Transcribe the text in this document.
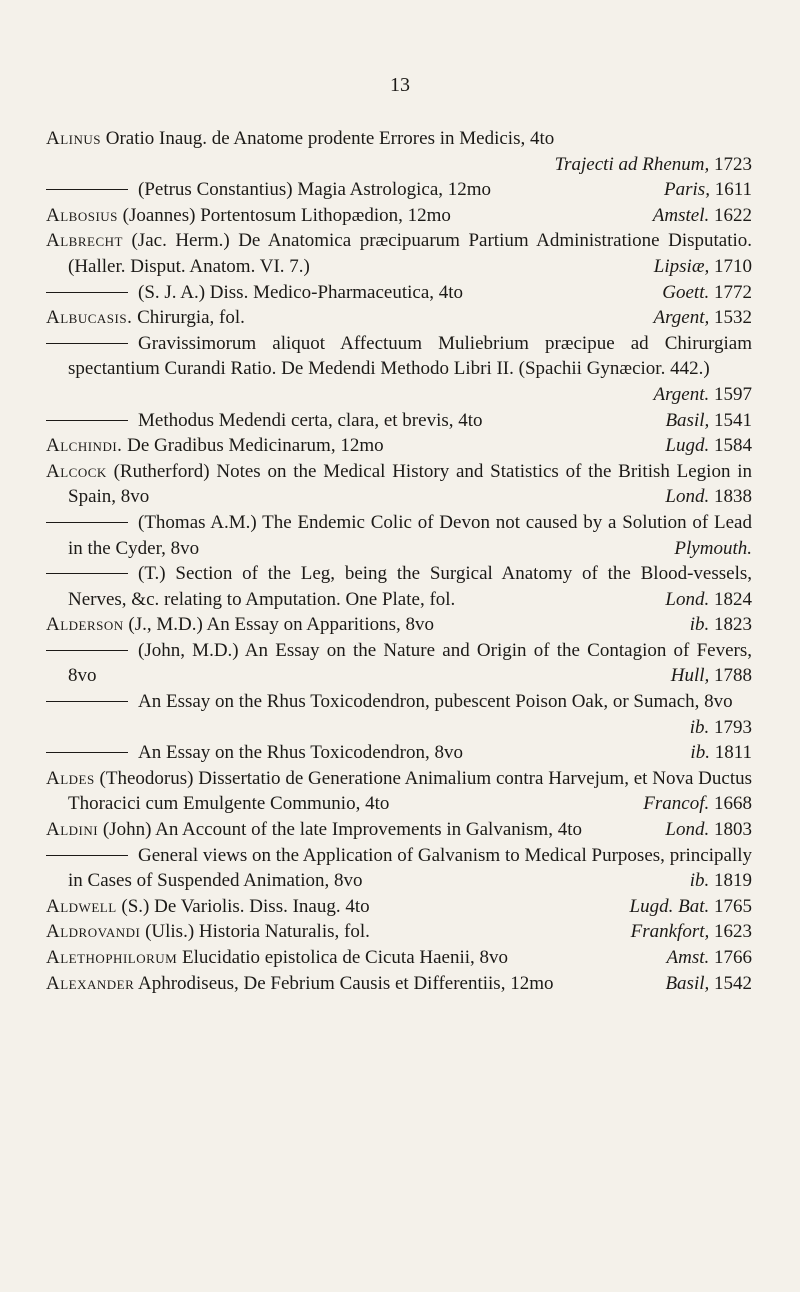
13
Alinus Oratio Inaug. de Anatome prodente Errores in Medicis, 4to
Trajecti ad Rhenum, 1723
(Petrus Constantius) Magia Astrologica, 12mo	Paris, 1611
Albosius (Joannes) Portentosum Lithopædion, 12mo	Amstel. 1622
Albrecht (Jac. Herm.) De Anatomica præcipuarum Partium Administratione Disputatio. (Haller. Disput. Anatom. VI. 7.)	Lipsiæ, 1710
(S. J. A.) Diss. Medico-Pharmaceutica, 4to	Goett. 1772
Albucasis. Chirurgia, fol.	Argent, 1532
Gravissimorum aliquot Affectuum Muliebrium præcipue ad Chirurgiam spectantium Curandi Ratio. De Medendi Methodo Libri II. (Spachii Gynæcior. 442.)
Argent. 1597
Methodus Medendi certa, clara, et brevis, 4to	Basil, 1541
Alchindi. De Gradibus Medicinarum, 12mo	Lugd. 1584
Alcock (Rutherford) Notes on the Medical History and Statistics of the British Legion in Spain, 8vo	Lond. 1838
(Thomas A.M.) The Endemic Colic of Devon not caused by a Solution of Lead in the Cyder, 8vo	Plymouth.
(T.) Section of the Leg, being the Surgical Anatomy of the Blood-vessels, Nerves, &c. relating to Amputation. One Plate, fol.	Lond. 1824
Alderson (J., M.D.) An Essay on Apparitions, 8vo	ib. 1823
(John, M.D.) An Essay on the Nature and Origin of the Contagion of Fevers, 8vo	Hull, 1788
An Essay on the Rhus Toxicodendron, pubescent Poison Oak, or Sumach, 8vo
ib. 1793
An Essay on the Rhus Toxicodendron, 8vo	ib. 1811
Aldes (Theodorus) Dissertatio de Generatione Animalium contra Harvejum, et Nova Ductus Thoracici cum Emulgente Communio, 4to	Francof. 1668
Aldini (John) An Account of the late Improvements in Galvanism, 4to	Lond. 1803
General views on the Application of Galvanism to Medical Purposes, principally in Cases of Suspended Animation, 8vo	ib. 1819
Aldwell (S.) De Variolis. Diss. Inaug. 4to	Lugd. Bat. 1765
Aldrovandi (Ulis.) Historia Naturalis, fol.	Frankfort, 1623
Alethophilorum Elucidatio epistolica de Cicuta Haenii, 8vo	Amst. 1766
Alexander Aphrodiseus, De Febrium Causis et Differentiis, 12mo	Basil, 1542
